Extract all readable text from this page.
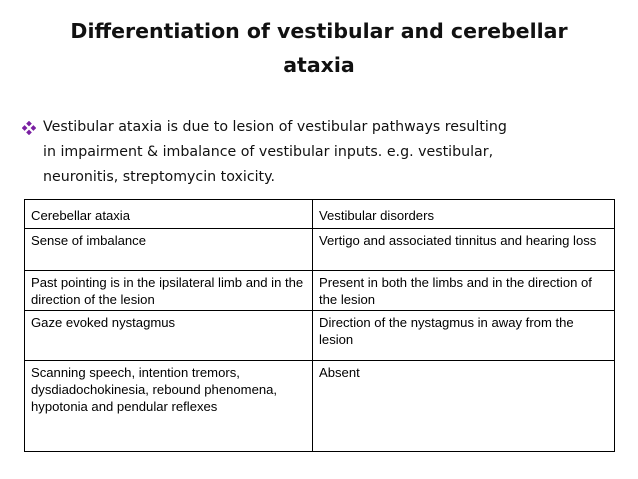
Differentiation of vestibular and cerebellar
ataxia
Vestibular ataxia is due to lesion of vestibular pathways resulting
in impairment & imbalance of vestibular inputs. e.g. vestibular,
neuronitis, streptomycin toxicity.
Cerebellar ataxia	Vestibular disorders
Sense of imbalance	Vertigo and associated tinnitus and hearing loss
Past pointing is in the ipsilateral limb and in the direction of the lesion	Present in both the limbs and in the direction of the lesion
Gaze evoked nystagmus	Direction of the nystagmus in away from the lesion
Scanning speech, intention tremors, dysdiadochokinesia, rebound phenomena, hypotonia and pendular reflexes	Absent
